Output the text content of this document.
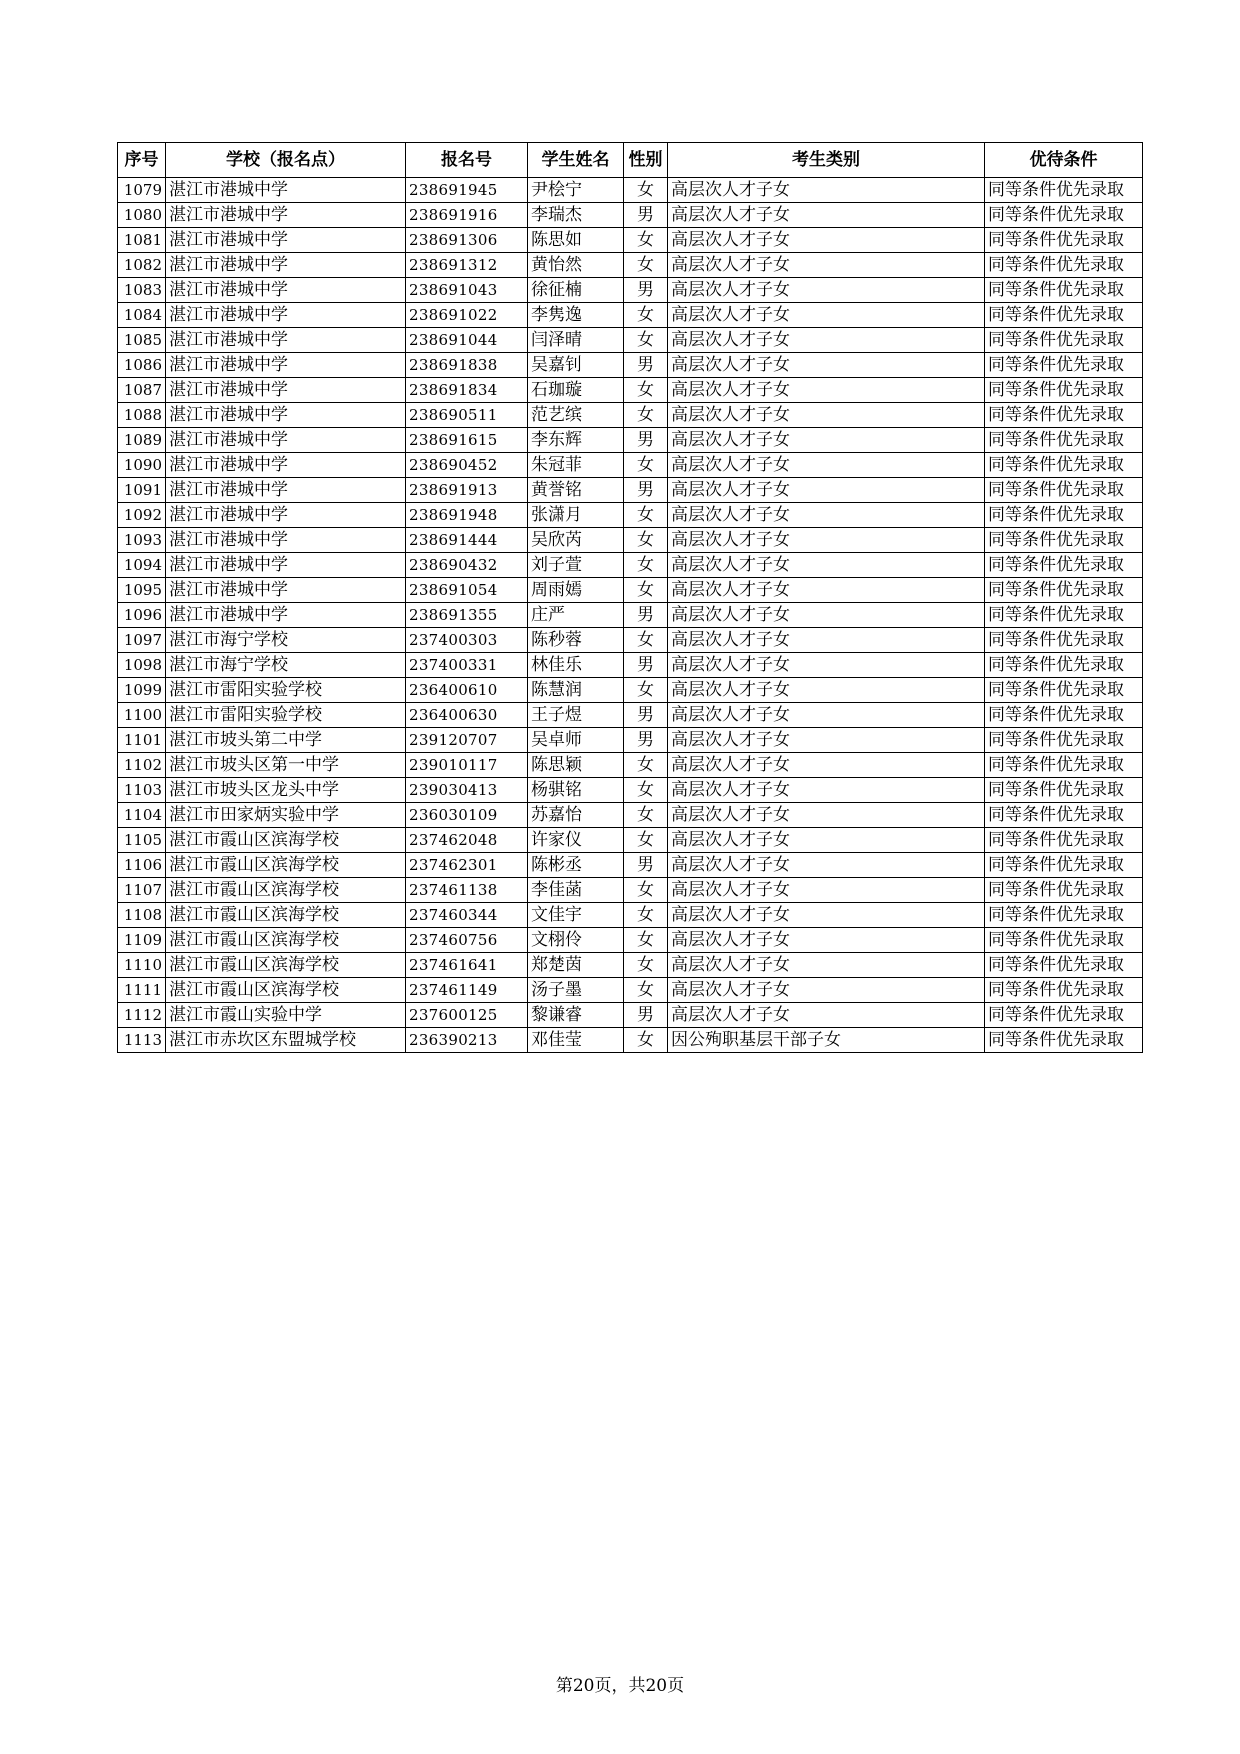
序号	学校（报名点）	报名号	学生姓名	性别	考生类别	优待条件
1079	湛江市港城中学	238691945	尹桧宁	女	高层次人才子女	同等条件优先录取
1080	湛江市港城中学	238691916	李瑞杰	男	高层次人才子女	同等条件优先录取
1081	湛江市港城中学	238691306	陈思如	女	高层次人才子女	同等条件优先录取
1082	湛江市港城中学	238691312	黄怡然	女	高层次人才子女	同等条件优先录取
1083	湛江市港城中学	238691043	徐征楠	男	高层次人才子女	同等条件优先录取
1084	湛江市港城中学	238691022	李隽逸	女	高层次人才子女	同等条件优先录取
1085	湛江市港城中学	238691044	闫泽晴	女	高层次人才子女	同等条件优先录取
1086	湛江市港城中学	238691838	吴嘉钊	男	高层次人才子女	同等条件优先录取
1087	湛江市港城中学	238691834	石珈璇	女	高层次人才子女	同等条件优先录取
1088	湛江市港城中学	238690511	范艺缤	女	高层次人才子女	同等条件优先录取
1089	湛江市港城中学	238691615	李东辉	男	高层次人才子女	同等条件优先录取
1090	湛江市港城中学	238690452	朱冠菲	女	高层次人才子女	同等条件优先录取
1091	湛江市港城中学	238691913	黄誉铭	男	高层次人才子女	同等条件优先录取
1092	湛江市港城中学	238691948	张潇月	女	高层次人才子女	同等条件优先录取
1093	湛江市港城中学	238691444	吴欣芮	女	高层次人才子女	同等条件优先录取
1094	湛江市港城中学	238690432	刘子萱	女	高层次人才子女	同等条件优先录取
1095	湛江市港城中学	238691054	周雨嫣	女	高层次人才子女	同等条件优先录取
1096	湛江市港城中学	238691355	庄严	男	高层次人才子女	同等条件优先录取
1097	湛江市海宁学校	237400303	陈秒蓉	女	高层次人才子女	同等条件优先录取
1098	湛江市海宁学校	237400331	林佳乐	男	高层次人才子女	同等条件优先录取
1099	湛江市雷阳实验学校	236400610	陈慧润	女	高层次人才子女	同等条件优先录取
1100	湛江市雷阳实验学校	236400630	王子煜	男	高层次人才子女	同等条件优先录取
1101	湛江市坡头第二中学	239120707	吴卓师	男	高层次人才子女	同等条件优先录取
1102	湛江市坡头区第一中学	239010117	陈思颖	女	高层次人才子女	同等条件优先录取
1103	湛江市坡头区龙头中学	239030413	杨骐铭	女	高层次人才子女	同等条件优先录取
1104	湛江市田家炳实验中学	236030109	苏嘉怡	女	高层次人才子女	同等条件优先录取
1105	湛江市霞山区滨海学校	237462048	许家仪	女	高层次人才子女	同等条件优先录取
1106	湛江市霞山区滨海学校	237462301	陈彬丞	男	高层次人才子女	同等条件优先录取
1107	湛江市霞山区滨海学校	237461138	李佳菡	女	高层次人才子女	同等条件优先录取
1108	湛江市霞山区滨海学校	237460344	文佳宇	女	高层次人才子女	同等条件优先录取
1109	湛江市霞山区滨海学校	237460756	文栩伶	女	高层次人才子女	同等条件优先录取
1110	湛江市霞山区滨海学校	237461641	郑楚茵	女	高层次人才子女	同等条件优先录取
1111	湛江市霞山区滨海学校	237461149	汤子墨	女	高层次人才子女	同等条件优先录取
1112	湛江市霞山实验中学	237600125	黎谦睿	男	高层次人才子女	同等条件优先录取
1113	湛江市赤坎区东盟城学校	236390213	邓佳莹	女	因公殉职基层干部子女	同等条件优先录取
第20页，共20页
